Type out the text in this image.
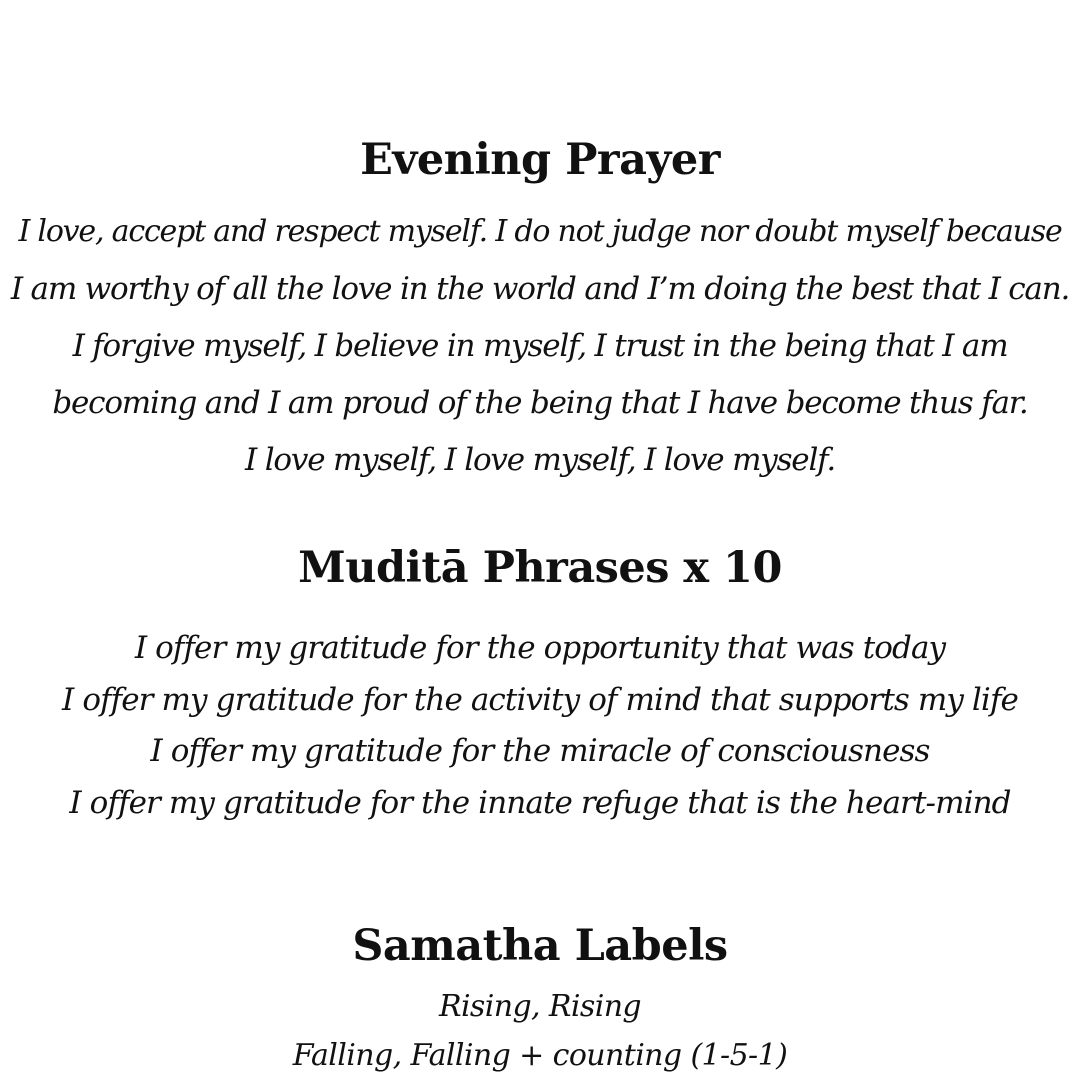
Evening Prayer

I love, accept and respect myself. I do not judge nor doubt myself because

I am worthy of all the love in the world and I’m doing the best that I can.

I forgive myself, I believe in myself, I trust in the being that I am

becoming and I am proud of the being that I have become thus far.

I love myself, I love myself, I love myself.

Muditā Phrases x 10

I offer my gratitude for the opportunity that was today

I offer my gratitude for the activity of mind that supports my life

I offer my gratitude for the miracle of consciousness

I offer my gratitude for the innate refuge that is the heart-mind

Samatha Labels

Rising, Rising

Falling, Falling + counting (1-5-1)
